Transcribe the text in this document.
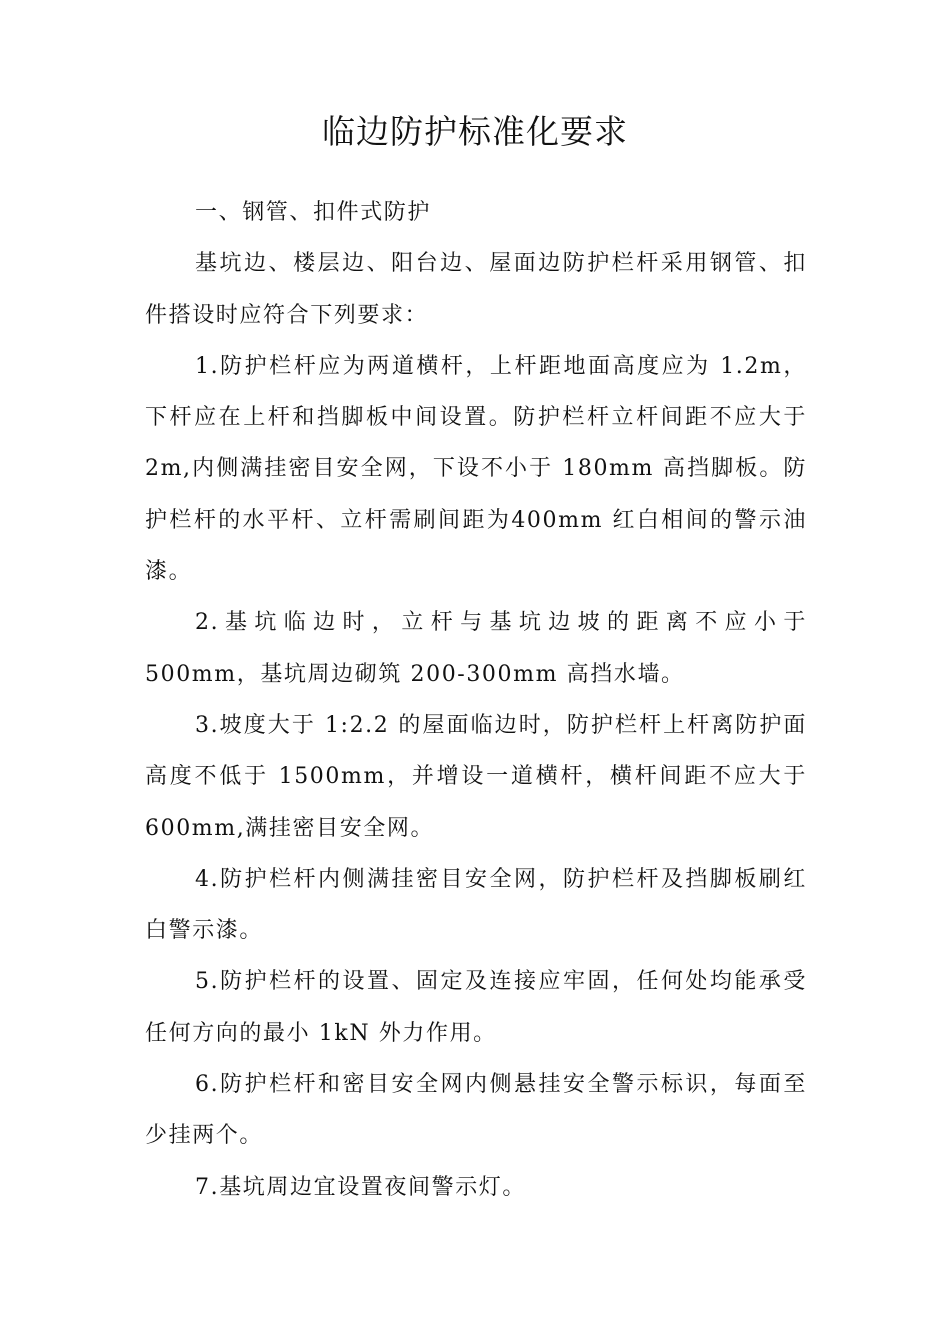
临边防护标准化要求

一、钢管、扣件式防护

基坑边、楼层边、阳台边、屋面边防护栏杆采用钢管、扣件搭设时应符合下列要求：

1.防护栏杆应为两道横杆，上杆距地面高度应为 1.2m，下杆应在上杆和挡脚板中间设置。防护栏杆立杆间距不应大于 2m,内侧满挂密目安全网，下设不小于 180mm 高挡脚板。防护栏杆的水平杆、立杆需刷间距为400mm 红白相间的警示油漆。

2.基坑临边时，立杆与基坑边坡的距离不应小于 500mm，基坑周边砌筑 200-300mm 高挡水墙。

3.坡度大于 1:2.2 的屋面临边时，防护栏杆上杆离防护面高度不低于 1500mm，并增设一道横杆，横杆间距不应大于 600mm,满挂密目安全网。

4.防护栏杆内侧满挂密目安全网，防护栏杆及挡脚板刷红白警示漆。

5.防护栏杆的设置、固定及连接应牢固，任何处均能承受任何方向的最小 1kN 外力作用。

6.防护栏杆和密目安全网内侧悬挂安全警示标识，每面至少挂两个。

7.基坑周边宜设置夜间警示灯。
